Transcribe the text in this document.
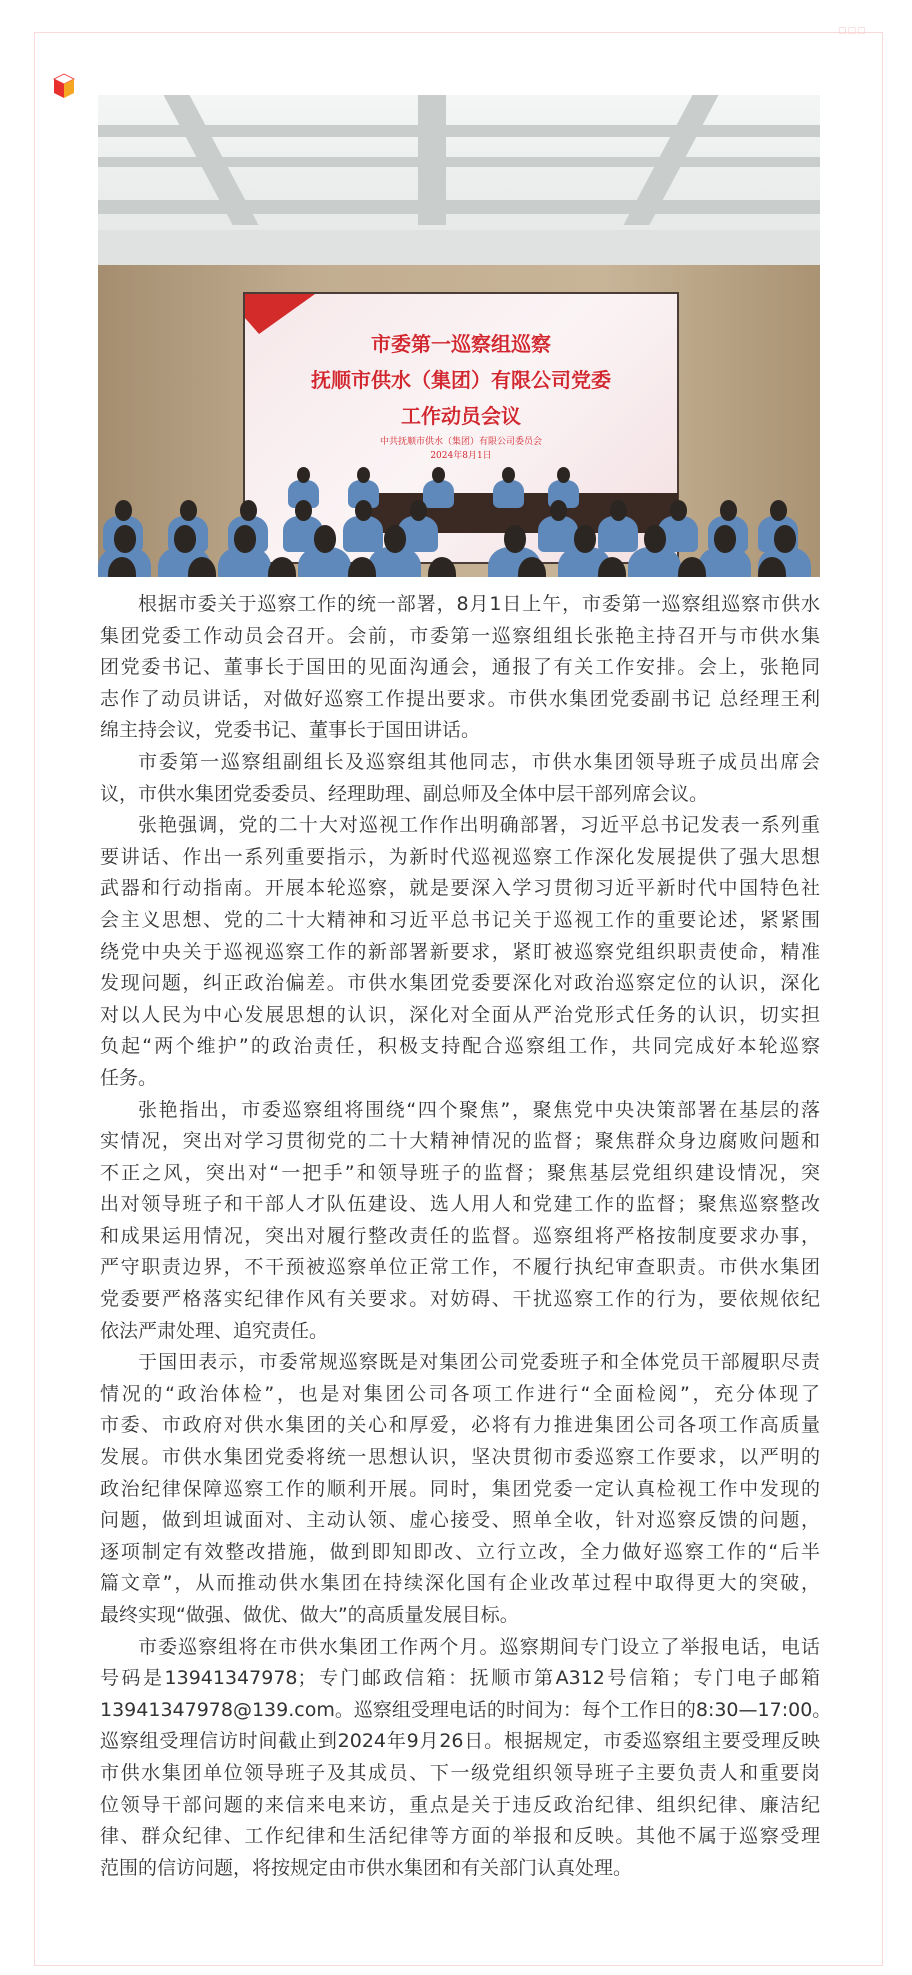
▢▢▢
市委第一巡察组巡察
抚顺市供水（集团）有限公司党委
工作动员会议
中共抚顺市供水（集团）有限公司委员会
2024年8月1日
根据市委关于巡察工作的统一部署，8月1日上午，市委第一巡察组巡察市供水
集团党委工作动员会召开。会前，市委第一巡察组组长张艳主持召开与市供水集
团党委书记、董事长于国田的见面沟通会，通报了有关工作安排。会上，张艳同
志作了动员讲话，对做好巡察工作提出要求。市供水集团党委副书记 总经理王利
绵主持会议，党委书记、董事长于国田讲话。
市委第一巡察组副组长及巡察组其他同志，市供水集团领导班子成员出席会
议，市供水集团党委委员、经理助理、副总师及全体中层干部列席会议。
张艳强调，党的二十大对巡视工作作出明确部署，习近平总书记发表一系列重
要讲话、作出一系列重要指示，为新时代巡视巡察工作深化发展提供了强大思想
武器和行动指南。开展本轮巡察，就是要深入学习贯彻习近平新时代中国特色社
会主义思想、党的二十大精神和习近平总书记关于巡视工作的重要论述，紧紧围
绕党中央关于巡视巡察工作的新部署新要求，紧盯被巡察党组织职责使命，精准
发现问题，纠正政治偏差。市供水集团党委要深化对政治巡察定位的认识，深化
对以人民为中心发展思想的认识，深化对全面从严治党形式任务的认识，切实担
负起“两个维护”的政治责任，积极支持配合巡察组工作，共同完成好本轮巡察
任务。
张艳指出，市委巡察组将围绕“四个聚焦”，聚焦党中央决策部署在基层的落
实情况，突出对学习贯彻党的二十大精神情况的监督；聚焦群众身边腐败问题和
不正之风，突出对“一把手”和领导班子的监督；聚焦基层党组织建设情况，突
出对领导班子和干部人才队伍建设、选人用人和党建工作的监督；聚焦巡察整改
和成果运用情况，突出对履行整改责任的监督。巡察组将严格按制度要求办事，
严守职责边界，不干预被巡察单位正常工作，不履行执纪审查职责。市供水集团
党委要严格落实纪律作风有关要求。对妨碍、干扰巡察工作的行为，要依规依纪
依法严肃处理、追究责任。
于国田表示，市委常规巡察既是对集团公司党委班子和全体党员干部履职尽责
情况的“政治体检”，也是对集团公司各项工作进行“全面检阅”，充分体现了
市委、市政府对供水集团的关心和厚爱，必将有力推进集团公司各项工作高质量
发展。市供水集团党委将统一思想认识，坚决贯彻市委巡察工作要求，以严明的
政治纪律保障巡察工作的顺利开展。同时，集团党委一定认真检视工作中发现的
问题，做到坦诚面对、主动认领、虚心接受、照单全收，针对巡察反馈的问题，
逐项制定有效整改措施，做到即知即改、立行立改，全力做好巡察工作的“后半
篇文章”，从而推动供水集团在持续深化国有企业改革过程中取得更大的突破，
最终实现“做强、做优、做大”的高质量发展目标。
市委巡察组将在市供水集团工作两个月。巡察期间专门设立了举报电话，电话
号码是13941347978；专门邮政信箱：抚顺市第A312号信箱；专门电子邮箱
13941347978@139.com。巡察组受理电话的时间为：每个工作日的8:30—17:00。
巡察组受理信访时间截止到2024年9月26日。根据规定，市委巡察组主要受理反映
市供水集团单位领导班子及其成员、下一级党组织领导班子主要负责人和重要岗
位领导干部问题的来信来电来访，重点是关于违反政治纪律、组织纪律、廉洁纪
律、群众纪律、工作纪律和生活纪律等方面的举报和反映。其他不属于巡察受理
范围的信访问题，将按规定由市供水集团和有关部门认真处理。
